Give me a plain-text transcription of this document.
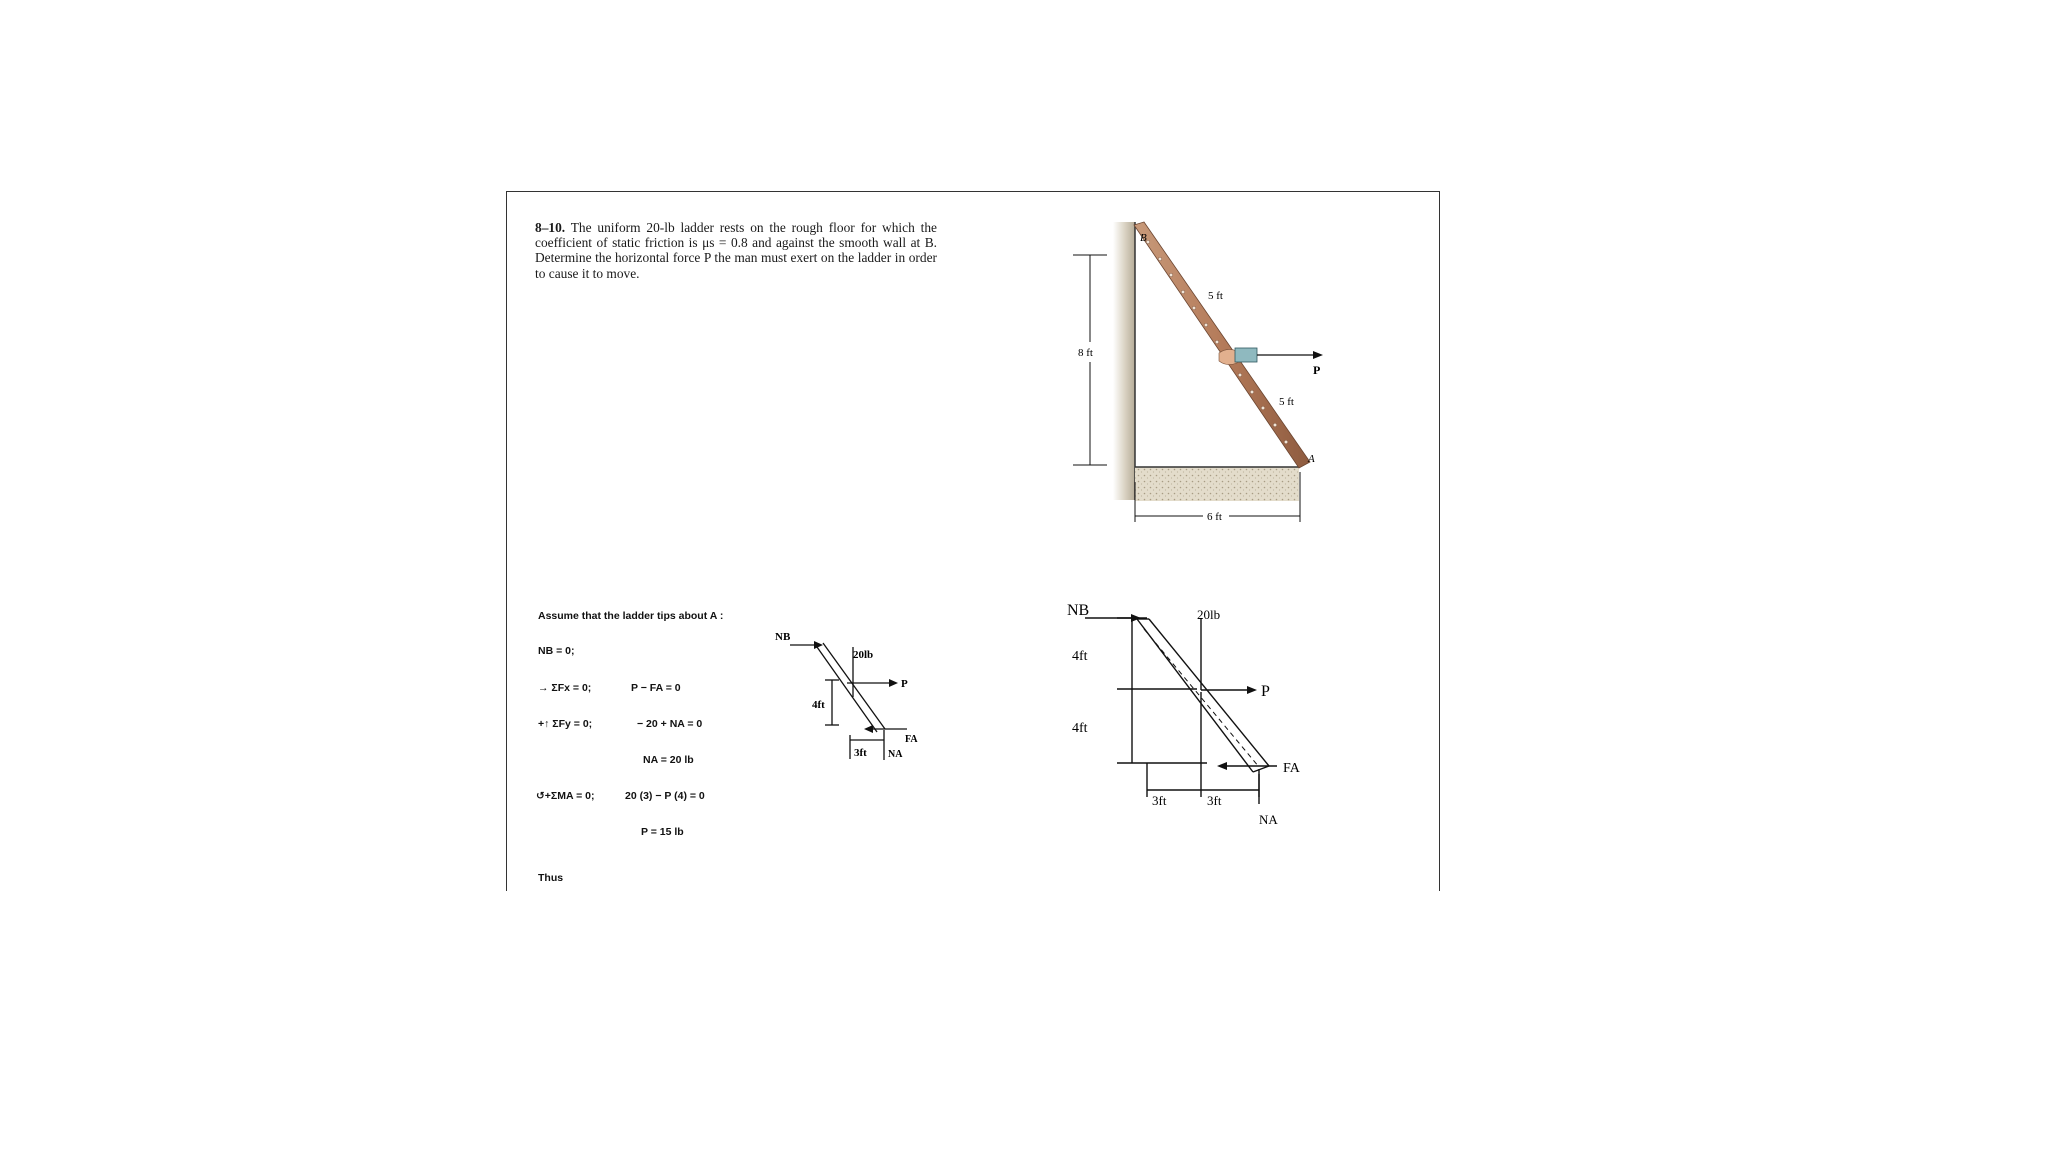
8–10. The uniform 20-lb ladder rests on the rough floor for which the coefficient of static friction is μs = 0.8 and against the smooth wall at B. Determine the horizontal force P the man must exert on the ladder in order to cause it to move.
P
B
A
5 ft
5 ft
8 ft
6 ft
Assume that the ladder tips about A :
NB = 0;
→ ΣFx = 0;	P − FA = 0
+↑ ΣFy = 0;	− 20 + NA = 0
NA = 20 lb
↺+ΣMA = 0;	20 (3) − P (4) = 0
P = 15 lb
Thus
NB
20lb
P
4ft
3ft
FA
NA
NB	20lb
P
4ft
4ft
FA
3ft	3ft
NA
